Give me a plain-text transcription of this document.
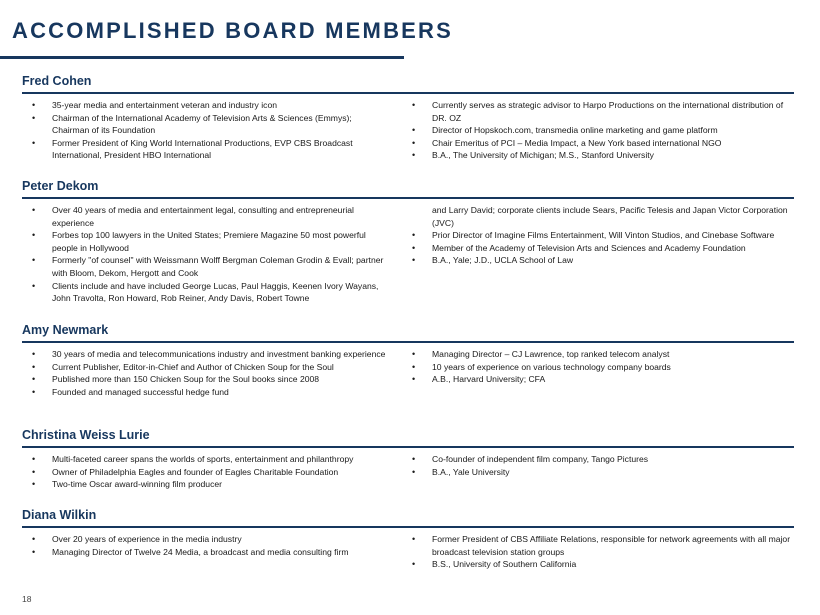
ACCOMPLISHED BOARD MEMBERS
Fred Cohen
• 35-year media and entertainment veteran and industry icon
• Chairman of the International Academy of Television Arts & Sciences (Emmys); Chairman of its Foundation
• Former President of King World International Productions, EVP CBS Broadcast International, President HBO International
• Currently serves as strategic advisor to Harpo Productions on the international distribution of DR. OZ
• Director of Hopskoch.com, transmedia online marketing and game platform
• Chair Emeritus of PCI – Media Impact, a New York based international NGO
• B.A., The University of Michigan; M.S., Stanford University
Peter Dekom
• Over 40 years of media and entertainment legal, consulting and entrepreneurial experience
• Forbes top 100 lawyers in the United States; Premiere Magazine 50 most powerful people in Hollywood
• Formerly "of counsel" with Weissmann Wolff Bergman Coleman Grodin & Evall; partner with Bloom, Dekom, Hergott and Cook
• Clients include and have included George Lucas, Paul Haggis, Keenen Ivory Wayans, John Travolta, Ron Howard, Rob Reiner, Andy Davis, Robert Towne
and Larry David; corporate clients include Sears, Pacific Telesis and Japan Victor Corporation (JVC)
• Prior Director of Imagine Films Entertainment, Will Vinton Studios, and Cinebase Software
• Member of the Academy of Television Arts and Sciences and Academy Foundation
• B.A., Yale; J.D., UCLA School of Law
Amy Newmark
• 30 years of media and telecommunications industry and investment banking experience
• Current Publisher, Editor-in-Chief and Author of Chicken Soup for the Soul
• Published more than 150 Chicken Soup for the Soul books since 2008
• Founded and managed successful hedge fund
• Managing Director – CJ Lawrence, top ranked telecom analyst
• 10 years of experience on various technology company boards
• A.B., Harvard University; CFA
Christina Weiss Lurie
• Multi-faceted career spans the worlds of sports, entertainment and philanthropy
• Owner of Philadelphia Eagles and founder of Eagles Charitable Foundation
• Two-time Oscar award-winning film producer
• Co-founder of independent film company, Tango Pictures
• B.A., Yale University
Diana Wilkin
• Over 20 years of experience in the media industry
• Managing Director of Twelve 24 Media, a broadcast and media consulting firm
• Former President of CBS Affiliate Relations, responsible for network agreements with all major broadcast television station groups
• B.S., University of Southern California
18
